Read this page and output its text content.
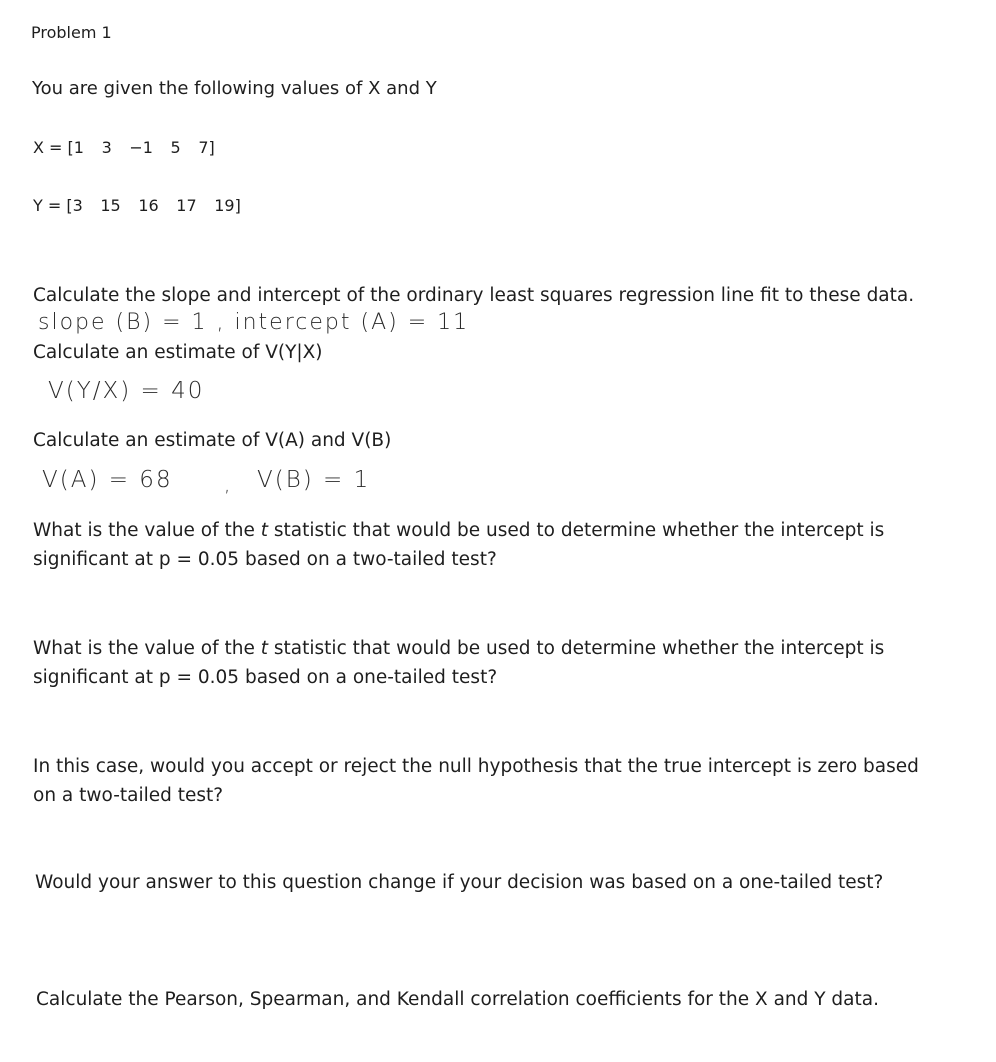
Problem 1
You are given the following values of X and Y
X = [1 3 −1 5 7]
Y = [3 15 16 17 19]
Calculate the slope and intercept of the ordinary least squares regression line fit to these data.
slope (B) = 1 , intercept (A) = 11
Calculate an estimate of V(Y|X)
V(Y/X) = 40
Calculate an estimate of V(A) and V(B)
V(A) = 68	, V(B) = 1
What is the value of the t statistic that would be used to determine whether the intercept is
significant at p = 0.05 based on a two-tailed test?
What is the value of the t statistic that would be used to determine whether the intercept is
significant at p = 0.05 based on a one-tailed test?
In this case, would you accept or reject the null hypothesis that the true intercept is zero based
on a two-tailed test?
Would your answer to this question change if your decision was based on a one-tailed test?
Calculate the Pearson, Spearman, and Kendall correlation coefficients for the X and Y data.
